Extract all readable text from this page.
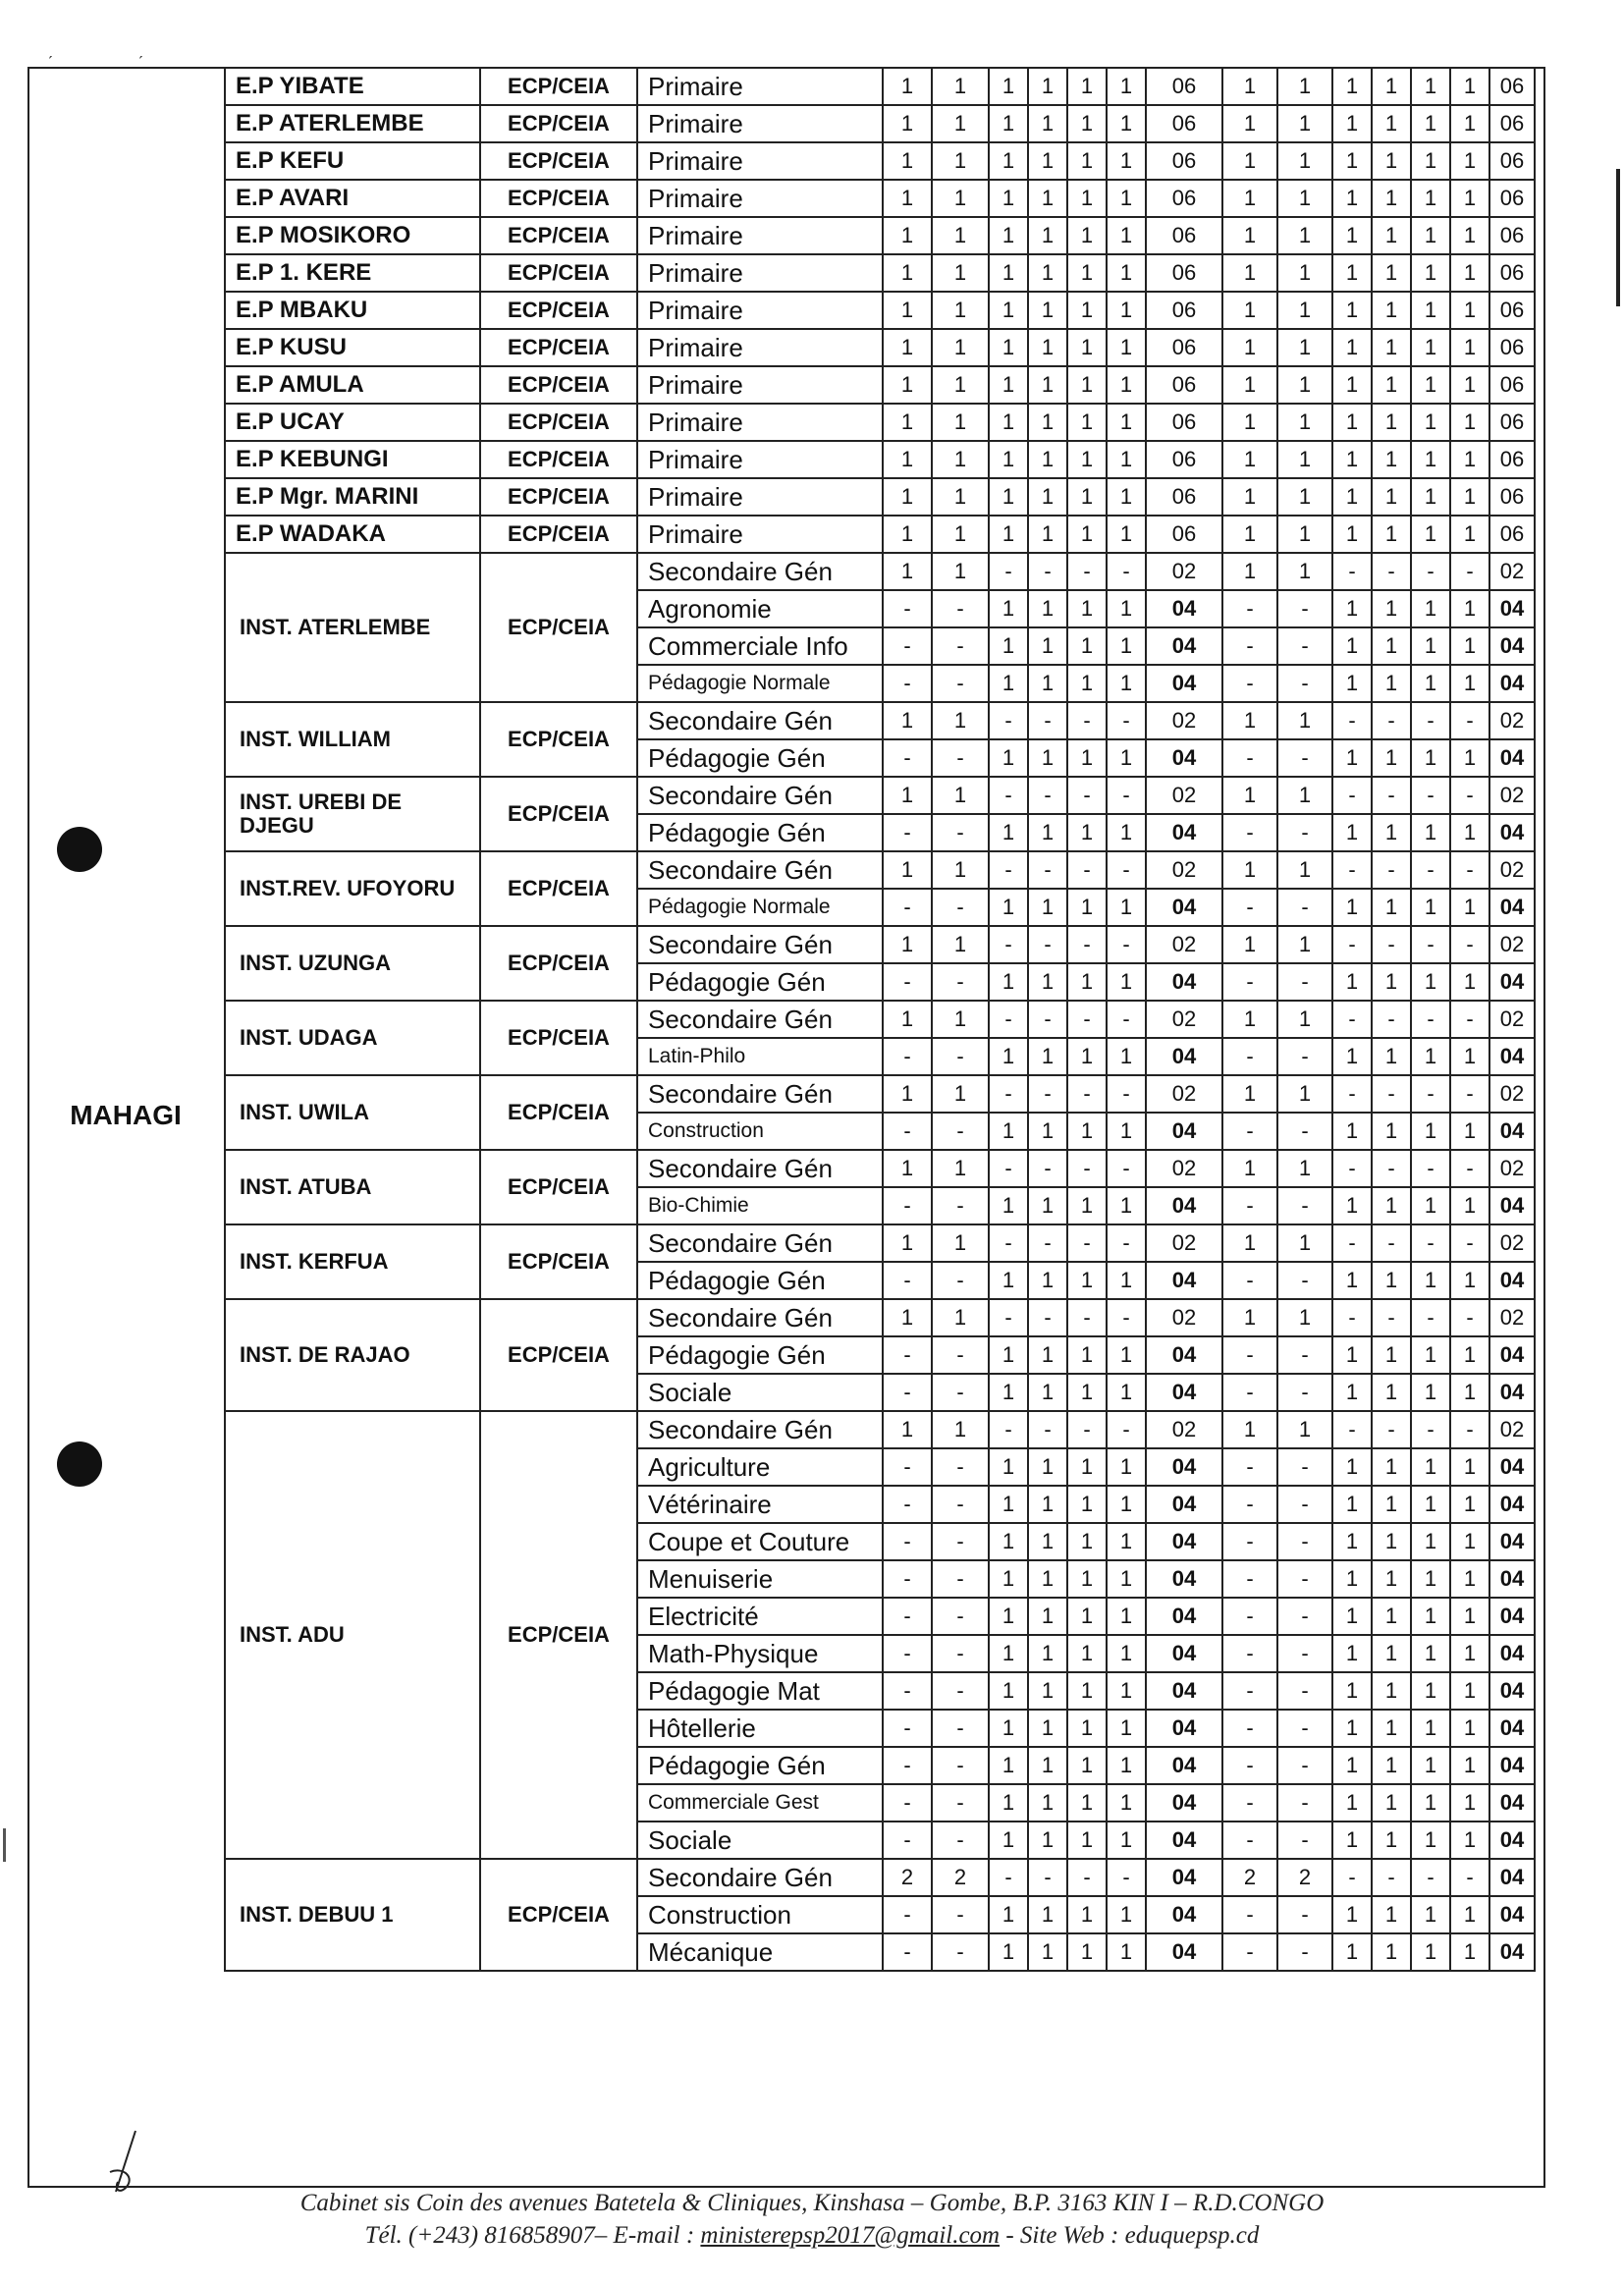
ˏ	ˏ
MAHAGI
E.P YIBATE	ECP/CEIA	Primaire	1	1	1	1	1	1	06	1	1	1	1	1	1	06
E.P ATERLEMBE	ECP/CEIA	Primaire	1	1	1	1	1	1	06	1	1	1	1	1	1	06
E.P KEFU	ECP/CEIA	Primaire	1	1	1	1	1	1	06	1	1	1	1	1	1	06
E.P AVARI	ECP/CEIA	Primaire	1	1	1	1	1	1	06	1	1	1	1	1	1	06
E.P MOSIKORO	ECP/CEIA	Primaire	1	1	1	1	1	1	06	1	1	1	1	1	1	06
E.P 1. KERE	ECP/CEIA	Primaire	1	1	1	1	1	1	06	1	1	1	1	1	1	06
E.P MBAKU	ECP/CEIA	Primaire	1	1	1	1	1	1	06	1	1	1	1	1	1	06
E.P KUSU	ECP/CEIA	Primaire	1	1	1	1	1	1	06	1	1	1	1	1	1	06
E.P AMULA	ECP/CEIA	Primaire	1	1	1	1	1	1	06	1	1	1	1	1	1	06
E.P UCAY	ECP/CEIA	Primaire	1	1	1	1	1	1	06	1	1	1	1	1	1	06
E.P KEBUNGI	ECP/CEIA	Primaire	1	1	1	1	1	1	06	1	1	1	1	1	1	06
E.P Mgr. MARINI	ECP/CEIA	Primaire	1	1	1	1	1	1	06	1	1	1	1	1	1	06
E.P WADAKA	ECP/CEIA	Primaire	1	1	1	1	1	1	06	1	1	1	1	1	1	06
INST. ATERLEMBE	ECP/CEIA	Secondaire Gén	1	1	-	-	-	-	02	1	1	-	-	-	-	02
		Agronomie	-	-	1	1	1	1	04	-	-	1	1	1	1	04
		Commerciale Info	-	-	1	1	1	1	04	-	-	1	1	1	1	04
		Pédagogie Normale	-	-	1	1	1	1	04	-	-	1	1	1	1	04
INST. WILLIAM	ECP/CEIA	Secondaire Gén	1	1	-	-	-	-	02	1	1	-	-	-	-	02
		Pédagogie Gén	-	-	1	1	1	1	04	-	-	1	1	1	1	04
INST. UREBI DE DJEGU	ECP/CEIA	Secondaire Gén	1	1	-	-	-	-	02	1	1	-	-	-	-	02
		Pédagogie Gén	-	-	1	1	1	1	04	-	-	1	1	1	1	04
INST.REV. UFOYORU	ECP/CEIA	Secondaire Gén	1	1	-	-	-	-	02	1	1	-	-	-	-	02
		Pédagogie Normale	-	-	1	1	1	1	04	-	-	1	1	1	1	04
INST. UZUNGA	ECP/CEIA	Secondaire Gén	1	1	-	-	-	-	02	1	1	-	-	-	-	02
		Pédagogie Gén	-	-	1	1	1	1	04	-	-	1	1	1	1	04
INST. UDAGA	ECP/CEIA	Secondaire Gén	1	1	-	-	-	-	02	1	1	-	-	-	-	02
		Latin-Philo	-	-	1	1	1	1	04	-	-	1	1	1	1	04
INST. UWILA	ECP/CEIA	Secondaire Gén	1	1	-	-	-	-	02	1	1	-	-	-	-	02
		Construction	-	-	1	1	1	1	04	-	-	1	1	1	1	04
INST. ATUBA	ECP/CEIA	Secondaire Gén	1	1	-	-	-	-	02	1	1	-	-	-	-	02
		Bio-Chimie	-	-	1	1	1	1	04	-	-	1	1	1	1	04
INST. KERFUA	ECP/CEIA	Secondaire Gén	1	1	-	-	-	-	02	1	1	-	-	-	-	02
		Pédagogie Gén	-	-	1	1	1	1	04	-	-	1	1	1	1	04
INST. DE RAJAO	ECP/CEIA	Secondaire Gén	1	1	-	-	-	-	02	1	1	-	-	-	-	02
		Pédagogie Gén	-	-	1	1	1	1	04	-	-	1	1	1	1	04
		Sociale	-	-	1	1	1	1	04	-	-	1	1	1	1	04
INST. ADU	ECP/CEIA	Secondaire Gén	1	1	-	-	-	-	02	1	1	-	-	-	-	02
		Agriculture	-	-	1	1	1	1	04	-	-	1	1	1	1	04
		Vétérinaire	-	-	1	1	1	1	04	-	-	1	1	1	1	04
		Coupe et Couture	-	-	1	1	1	1	04	-	-	1	1	1	1	04
		Menuiserie	-	-	1	1	1	1	04	-	-	1	1	1	1	04
		Electricité	-	-	1	1	1	1	04	-	-	1	1	1	1	04
		Math-Physique	-	-	1	1	1	1	04	-	-	1	1	1	1	04
		Pédagogie Mat	-	-	1	1	1	1	04	-	-	1	1	1	1	04
		Hôtellerie	-	-	1	1	1	1	04	-	-	1	1	1	1	04
		Pédagogie Gén	-	-	1	1	1	1	04	-	-	1	1	1	1	04
		Commerciale Gest	-	-	1	1	1	1	04	-	-	1	1	1	1	04
		Sociale	-	-	1	1	1	1	04	-	-	1	1	1	1	04
INST. DEBUU 1	ECP/CEIA	Secondaire Gén	2	2	-	-	-	-	04	2	2	-	-	-	-	04
		Construction	-	-	1	1	1	1	04	-	-	1	1	1	1	04
		Mécanique	-	-	1	1	1	1	04	-	-	1	1	1	1	04
Cabinet sis Coin des avenues Batetela & Cliniques, Kinshasa – Gombe, B.P. 3163 KIN I – R.D.CONGO
Tél. (+243) 816858907– E-mail : ministerepsp2017@gmail.com - Site Web : eduquepsp.cd
